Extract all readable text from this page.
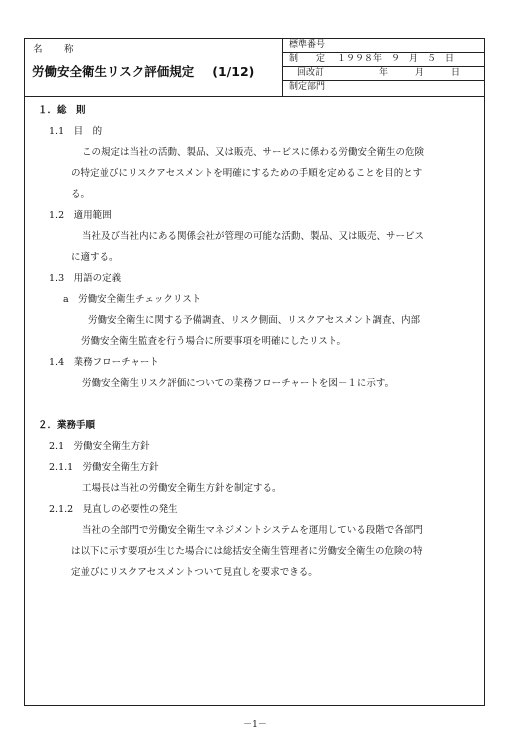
名　称
労働安全衛生リスク評価規定 (1/12)
標準番号
制　　定 １９９８年　９　月　５　日
回改訂	年　　　月　　　日
制定部門
１．総　則
1.1　目　的
この規定は当社の活動、製品、又は販売、サービスに係わる労働安全衛生の危険
の特定並びにリスクアセスメントを明確にするための手順を定めることを目的とす
る。
1.2　適用範囲
当社及び当社内にある関係会社が管理の可能な活動、製品、又は販売、サービス
に適する。
1.3　用語の定義
a　労働安全衛生チェックリスト
労働安全衛生に関する予備調査、リスク側面、リスクアセスメント調査、内部
労働安全衛生監査を行う場合に所要事項を明確にしたリスト。
1.4　業務フローチャート
労働安全衛生リスク評価についての業務フローチャートを図－１に示す。
２．業務手順
2.1　労働安全衛生方針
2.1.1　労働安全衛生方針
工場長は当社の労働安全衛生方針を制定する。
2.1.2　見直しの必要性の発生
当社の全部門で労働安全衛生マネジメントシステムを運用している段階で各部門
は以下に示す要項が生じた場合には総括安全衛生管理者に労働安全衛生の危険の特
定並びにリスクアセスメントついて見直しを要求できる。
－1－
